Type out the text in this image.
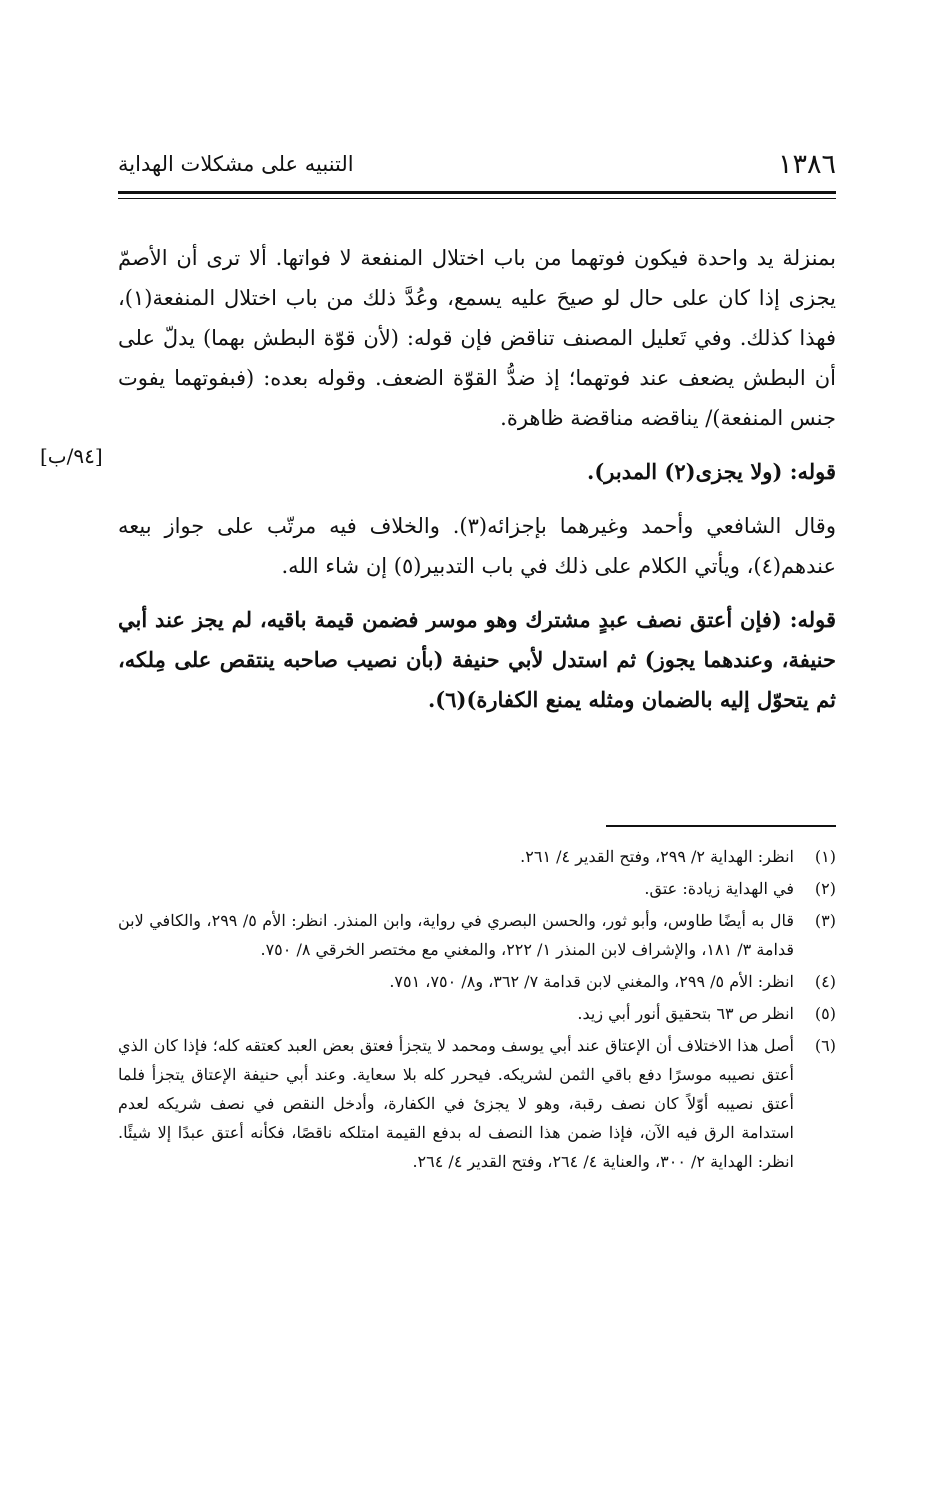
١٣٨٦
التنبيه على مشكلات الهداية
[٩٤/ب]

بمنزلة يد واحدة فيكون فوتهما من باب اختلال المنفعة لا فواتها. ألا ترى أن الأصمّ يجزى إذا كان على حال لو صيحَ عليه يسمع، وعُدَّ ذلك من باب اختلال المنفعة(١)، فهذا كذلك. وفي تَعليل المصنف تناقض فإن قوله: (لأن قوّة البطش بهما) يدلّ على أن البطش يضعف عند فوتهما؛ إذ ضدُّ القوّة الضعف. وقوله بعده: (فبفوتهما يفوت جنس المنفعة)/ يناقضه مناقضة ظاهرة.

قوله: (ولا يجزى(٢) المدبر).

وقال الشافعي وأحمد وغيرهما بإجزائه(٣). والخلاف فيه مرتّب على جواز بيعه عندهم(٤)، ويأتي الكلام على ذلك في باب التدبير(٥) إن شاء الله.

قوله: (فإن أعتق نصف عبدٍ مشترك وهو موسر فضمن قيمة باقيه، لم يجز عند أبي حنيفة، وعندهما يجوز) ثم استدل لأبي حنيفة (بأن نصيب صاحبه ينتقص على مِلكه، ثم يتحوّل إليه بالضمان ومثله يمنع الكفارة)(٦).

(١)
انظر: الهداية ٢/ ٢٩٩، وفتح القدير ٤/ ٢٦١.
(٢)
في الهداية زيادة: عتق.
(٣)
قال به أيضًا طاوس، وأبو ثور، والحسن البصري في رواية، وابن المنذر. انظر: الأم ٥/ ٢٩٩، والكافي لابن قدامة ٣/ ١٨١، والإشراف لابن المنذر ١/ ٢٢٢، والمغني مع مختصر الخرقي ٨/ ٧٥٠.
(٤)
انظر: الأم ٥/ ٢٩٩، والمغني لابن قدامة ٧/ ٣٦٢، و٨/ ٧٥٠، ٧٥١.
(٥)
انظر ص ٦٣ بتحقيق أنور أبي زيد.
(٦)
أصل هذا الاختلاف أن الإعتاق عند أبي يوسف ومحمد لا يتجزأ فعتق بعض العبد كعتقه كله؛ فإذا كان الذي أعتق نصيبه موسرًا دفع باقي الثمن لشريكه. فيحرر كله بلا سعاية. وعند أبي حنيفة الإعتاق يتجزأ فلما أعتق نصيبه أوّلاً كان نصف رقبة، وهو لا يجزئ في الكفارة، وأدخل النقص في نصف شريكه لعدم استدامة الرق فيه الآن، فإذا ضمن هذا النصف له بدفع القيمة امتلكه ناقصًا، فكأنه أعتق عبدًا إلا شيئًا. انظر: الهداية ٢/ ٣٠٠، والعناية ٤/ ٢٦٤، وفتح القدير ٤/ ٢٦٤.
